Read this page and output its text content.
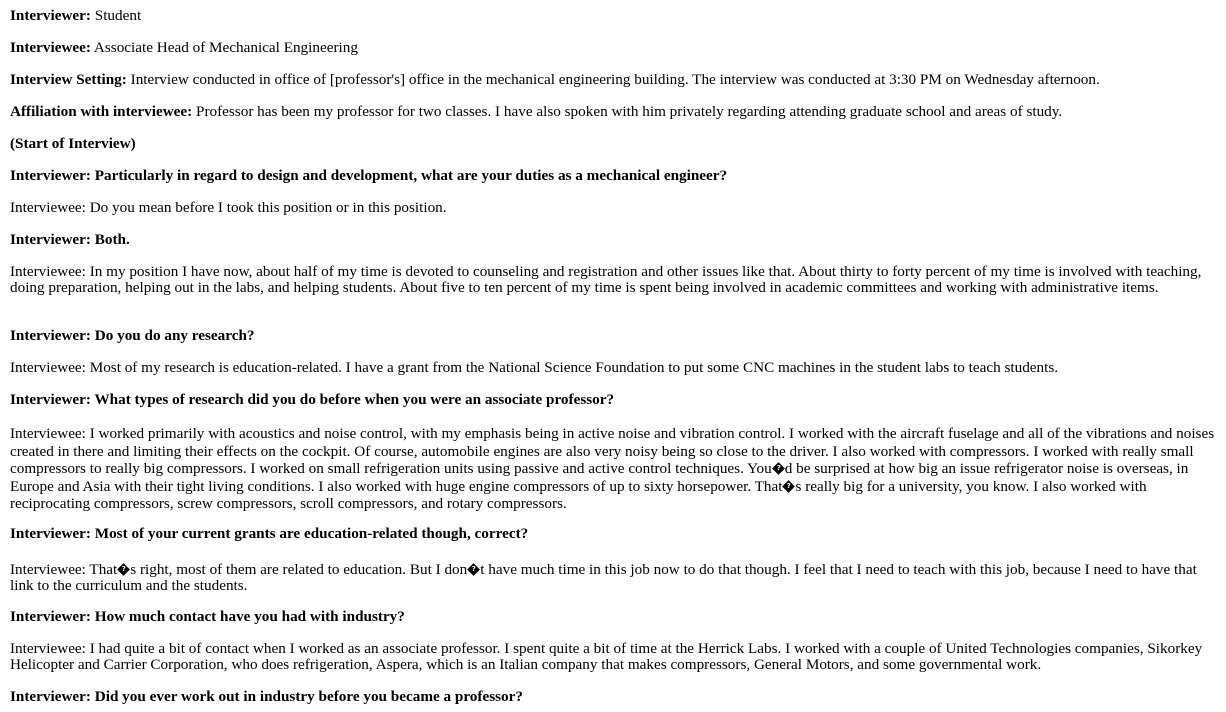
Interviewer: Student

Interviewee: Associate Head of Mechanical Engineering

Interview Setting: Interview conducted in office of [professor's] office in the mechanical engineering building. The interview was conducted at 3:30 PM on Wednesday afternoon.

Affiliation with interviewee: Professor has been my professor for two classes. I have also spoken with him privately regarding attending graduate school and areas of study.

(Start of Interview)

Interviewer: Particularly in regard to design and development, what are your duties as a mechanical engineer?

Interviewee: Do you mean before I took this position or in this position.

Interviewer: Both.

Interviewee: In my position I have now, about half of my time is devoted to counseling and registration and other issues like that. About thirty to forty percent of my time is involved with teaching, doing preparation, helping out in the labs, and helping students. About five to ten percent of my time is spent being involved in academic committees and working with administrative items.

Interviewer: Do you do any research?

Interviewee: Most of my research is education-related. I have a grant from the National Science Foundation to put some CNC machines in the student labs to teach students.

Interviewer: What types of research did you do before when you were an associate professor?

Interviewee: I worked primarily with acoustics and noise control, with my emphasis being in active noise and vibration control. I worked with the aircraft fuselage and all of the vibrations and noises created in there and limiting their effects on the cockpit. Of course, automobile engines are also very noisy being so close to the driver. I also worked with compressors. I worked with really small compressors to really big compressors. I worked on small refrigeration units using passive and active control techniques. You ? d be surprised at how big an issue refrigerator noise is overseas, in Europe and Asia with their tight living conditions. I also worked with huge engine compressors of up to sixty horsepower. That ? s really big for a university, you know. I also worked with reciprocating compressors, screw compressors, scroll compressors, and rotary compressors.

Interviewer: Most of your current grants are education-related though, correct?

Interviewee: That ? s right, most of them are related to education. But I don ? t have much time in this job now to do that though. I feel that I need to teach with this job, because I need to have that link to the curriculum and the students.

Interviewer: How much contact have you had with industry?

Interviewee: I had quite a bit of contact when I worked as an associate professor. I spent quite a bit of time at the Herrick Labs. I worked with a couple of United Technologies companies, Sikorkey Helicopter and Carrier Corporation, who does refrigeration, Aspera, which is an Italian company that makes compressors, General Motors, and some governmental work.

Interviewer: Did you ever work out in industry before you became a professor?
